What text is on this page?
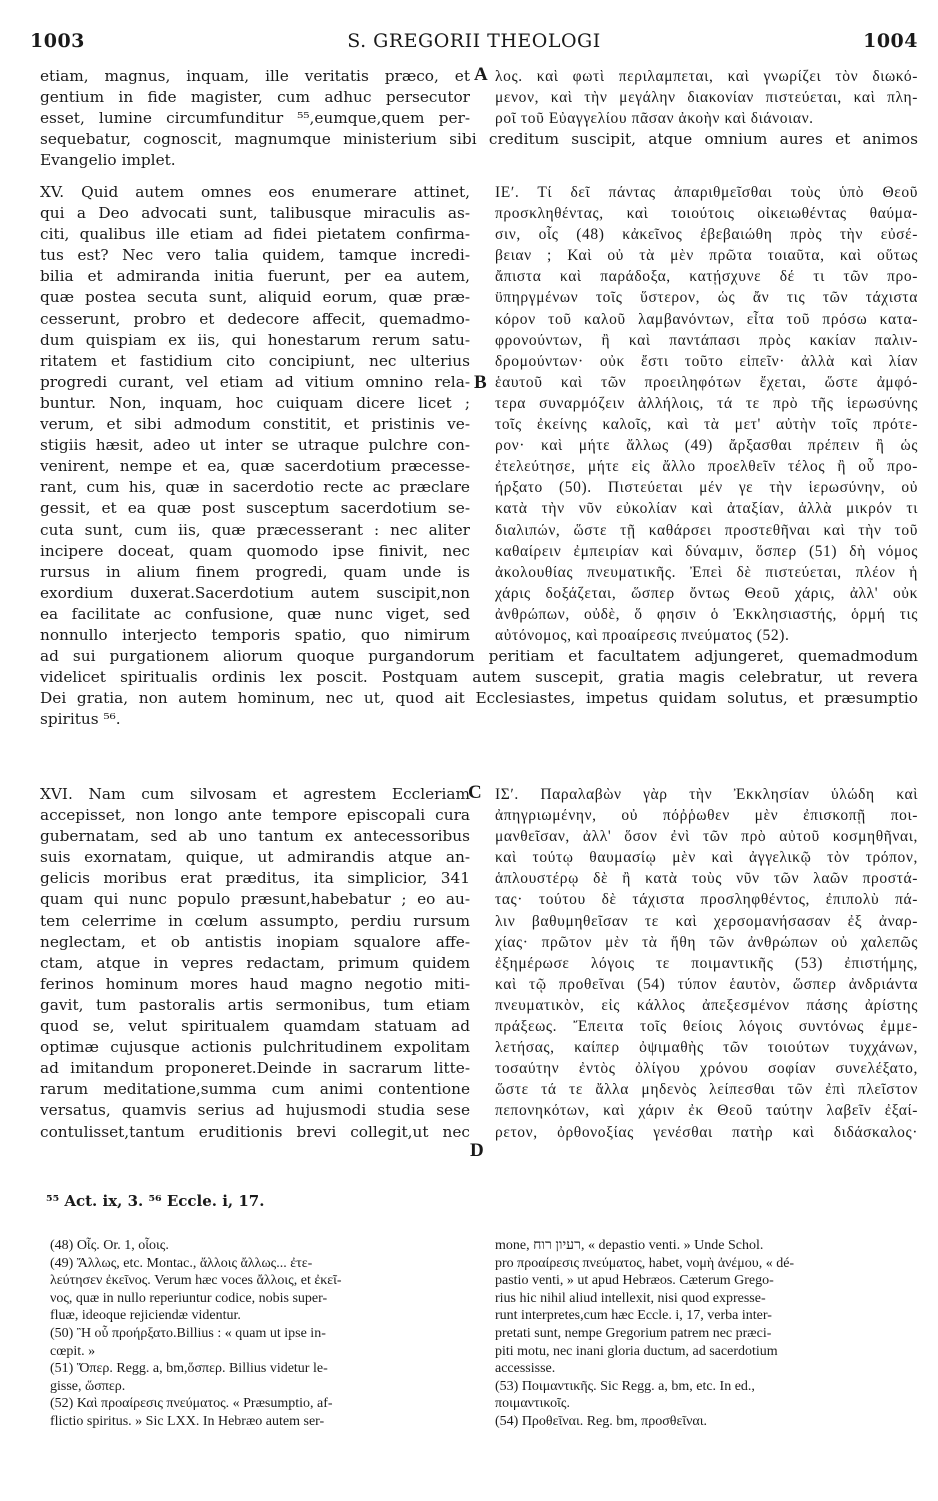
1003	S. GREGORII THEOLOGI	1004
etiam, magnus, inquam, ille veritatis præco, et
gentium in fide magister, cum adhuc persecutor
esset, lumine circumfunditur ⁵⁵,eumque,quem per-
λος. καὶ φωτὶ περιλαμπεται, καὶ γνωρίζει τὸν διωκό-
μενον, καὶ τὴν μεγάλην διακονίαν πιστεύεται, καὶ πλη-
ροῖ τοῦ Εὐαγγελίου πᾶσαν ἀκοὴν καὶ διάνοιαν.
sequebatur, cognoscit, magnumque ministerium sibi creditum suscipit, atque omnium aures et animos
Evangelio implet.
A
XV. Quid autem omnes eos enumerare attinet,
qui a Deo advocati sunt, talibusque miraculis as-
citi, qualibus ille etiam ad fidei pietatem confirma-
tus est? Nec vero talia quidem, tamque incredi-
bilia et admiranda initia fuerunt, per ea autem,
quæ postea secuta sunt, aliquid eorum, quæ præ-
cesserunt, probro et dedecore affecit, quemadmo-
dum quispiam ex iis, qui honestarum rerum satu-
ritatem et fastidium cito concipiunt, nec ulterius
progredi curant, vel etiam ad vitium omnino rela-
buntur. Non, inquam, hoc cuiquam dicere licet ;
verum, et sibi admodum constitit, et pristinis ve-
stigiis hæsit, adeo ut inter se utraque pulchre con-
venirent, nempe et ea, quæ sacerdotium præcesse-
rant, cum his, quæ in sacerdotio recte ac præclare
gessit, et ea quæ post susceptum sacerdotium se-
cuta sunt, cum iis, quæ præcesserant : nec aliter
incipere doceat, quam quomodo ipse finivit, nec
rursus in alium finem progredi, quam unde is
exordium duxerat.Sacerdotium autem suscipit,non
ea facilitate ac confusione, quæ nunc viget, sed
nonnullo interjecto temporis spatio, quo nimirum
ΙΕʹ. Τί δεῖ πάντας ἀπαριθμεῖσθαι τοὺς ὑπὸ Θεοῦ
προσκληθέντας, καὶ τοιούτοις οἰκειωθέντας θαύμα-
σιν, οἷς (48) κἀκεῖνος ἐβεβαιώθη πρὸς τὴν εὐσέ-
βειαν ; Καὶ οὐ τὰ μὲν πρῶτα τοιαῦτα, καὶ οὕτως
ἄπιστα καὶ παράδοξα, κατῄσχυνε δέ τι τῶν προ-
ϋπηργμένων τοῖς ὕστερον, ὡς ἄν τις τῶν τάχιστα
κόρον τοῦ καλοῦ λαμβανόντων, εἶτα τοῦ πρόσω κατα-
φρονούντων, ἢ καὶ παντάπασι πρὸς κακίαν παλιν-
δρομούντων· οὐκ ἔστι τοῦτο εἰπεῖν· ἀλλὰ καὶ λίαν
ἑαυτοῦ καὶ τῶν προειληφότων ἔχεται, ὥστε ἀμφό-
τερα συναρμόζειν ἀλλήλοις, τά τε πρὸ τῆς ἱερωσύνης
τοῖς ἐκείνης καλοῖς, καὶ τὰ μετ' αὐτὴν τοῖς πρότε-
ρον· καὶ μήτε ἄλλως (49) ἄρξασθαι πρέπειν ἢ ὡς
ἐτελεύτησε, μήτε εἰς ἄλλο προελθεῖν τέλος ἢ οὗ προ-
ήρξατο (50). Πιστεύεται μέν γε τὴν ἱερωσύνην, οὐ
κατὰ τὴν νῦν εὐκολίαν καὶ ἀταξίαν, ἀλλὰ μικρόν τι
διαλιπών, ὥστε τῇ καθάρσει προστεθῆναι καὶ τὴν τοῦ
καθαίρειν ἐμπειρίαν καὶ δύναμιν, ὅσπερ (51) δὴ νόμος
ἀκολουθίας πνευματικῆς. Ἐπεὶ δὲ πιστεύεται, πλέον ἡ
χάρις δοξάζεται, ὥσπερ ὄντως Θεοῦ χάρις, ἀλλ' οὐκ
ἀνθρώπων, οὐδὲ, ὅ φησιν ὁ Ἐκκλησιαστής, ὁρμή τις
αὐτόνομος, καὶ προαίρεσις πνεύματος (52).
ad sui purgationem aliorum quoque purgandorum peritiam et facultatem adjungeret, quemadmodum
videlicet spiritualis ordinis lex poscit. Postquam autem suscepit, gratia magis celebratur, ut revera
Dei gratia, non autem hominum, nec ut, quod ait Ecclesiastes, impetus quidam solutus, et præsumptio
spiritus ⁵⁶.
B
XVI. Nam cum silvosam et agrestem Eccleriam
accepisset, non longo ante tempore episcopali cura
gubernatam, sed ab uno tantum ex antecessoribus
suis exornatam, quique, ut admirandis atque an-
gelicis moribus erat præditus, ita simplicior, 341
quam qui nunc populo præsunt,habebatur ; eo au-
tem celerrime in cœlum assumpto, perdiu rursum
neglectam, et ob antistis inopiam squalore affe-
ctam, atque in vepres redactam, primum quidem
ferinos hominum mores haud magno negotio miti-
gavit, tum pastoralis artis sermonibus, tum etiam
quod se, velut spiritualem quamdam statuam ad
optimæ cujusque actionis pulchritudinem expolitam
ad imitandum proponeret.Deinde in sacrarum litte-
rarum meditatione,summa cum animi contentione
versatus, quamvis serius ad hujusmodi studia sese
contulisset,tantum eruditionis brevi collegit,ut nec
ΙΣʹ. Παραλαβὼν γὰρ τὴν Ἐκκλησίαν ὑλώδη καὶ
ἀπηγριωμένην, οὐ πόῤῥωθεν μὲν ἐπισκοπῇ ποι-
μανθεῖσαν, ἀλλ' ὅσον ἐνὶ τῶν πρὸ αὐτοῦ κοσμηθῆναι,
καὶ τούτῳ θαυμασίῳ μὲν καὶ ἀγγελικῷ τὸν τρόπον,
ἁπλουστέρῳ δὲ ἢ κατὰ τοὺς νῦν τῶν λαῶν προστά-
τας· τούτου δὲ τάχιστα προσληφθέντος, ἐπιπολὺ πά-
λιν βαθυμηθεῖσαν τε καὶ χερσομανήσασαν ἐξ ἀναρ-
χίας· πρῶτον μὲν τὰ ἤθη τῶν ἀνθρώπων οὐ χαλεπῶς
ἐξημέρωσε λόγοις τε ποιμαντικῆς (53) ἐπιστήμης,
καὶ τῷ προθεῖναι (54) τύπον ἑαυτὸν, ὥσπερ ἀνδριάντα
πνευματικὸν, εἰς κάλλος ἀπεξεσμένον πάσης ἀρίστης
πράξεως. Ἔπειτα τοῖς θείοις λόγοις συντόνως ἐμμε-
λετήσας, καίπερ ὀψιμαθὴς τῶν τοιούτων τυχχάνων,
τοσαύτην ἐντὸς ὀλίγου χρόνου σοφίαν συνελέξατο,
ὥστε τά τε ἄλλα μηδενὸς λείπεσθαι τῶν ἐπὶ πλεῖστον
πεπονηκότων, καὶ χάριν ἐκ Θεοῦ ταύτην λαβεῖν ἐξαί-
ρετον, ὀρθονοξίας γενέσθαι πατὴρ καὶ διδάσκαλος·
C
D
⁵⁵ Act. ix, 3. ⁵⁶ Eccle. i, 17.
(48) Οἷς. Or. 1, οἷοις.
(49) Ἄλλως, etc. Montac., ἄλλοις ἄλλως... ἐτε-
λεύτησεν ἐκεῖνος. Verum hæc voces ἄλλοις, et ἐκεῖ-
νος, quæ in nullo reperiuntur codice, nobis super-
fluæ, ideoque rejiciendæ videntur.
(50) Ἢ οὗ προήρξατο.Billius : « quam ut ipse in-
cœpit. »
(51) Ὅπερ. Regg. a, bm,ὅσπερ. Billius videtur le-
gisse, ὥσπερ.
(52) Καὶ προαίρεσις πνεύματος. « Præsumptio, af-
flictio spiritus. » Sic LXX. In Hebræo autem ser-
mone, רעיון רוח, « depastio venti. » Unde Schol.
pro προαίρεσις πνεύματος, habet, νομὴ ἀνέμου, « dé-
pastio venti, » ut apud Hebræos. Cæterum Grego-
rius hic nihil aliud intellexit, nisi quod expresse-
runt interpretes,cum hæc Eccle. i, 17, verba inter-
pretati sunt, nempe Gregorium patrem nec præci-
piti motu, nec inani gloria ductum, ad sacerdotium
accessisse.
(53) Ποιμαντικῆς. Sic Regg. a, bm, etc. In ed.,
ποιμαντικοῖς.
(54) Προθεῖναι. Reg. bm, προσθεῖναι.
